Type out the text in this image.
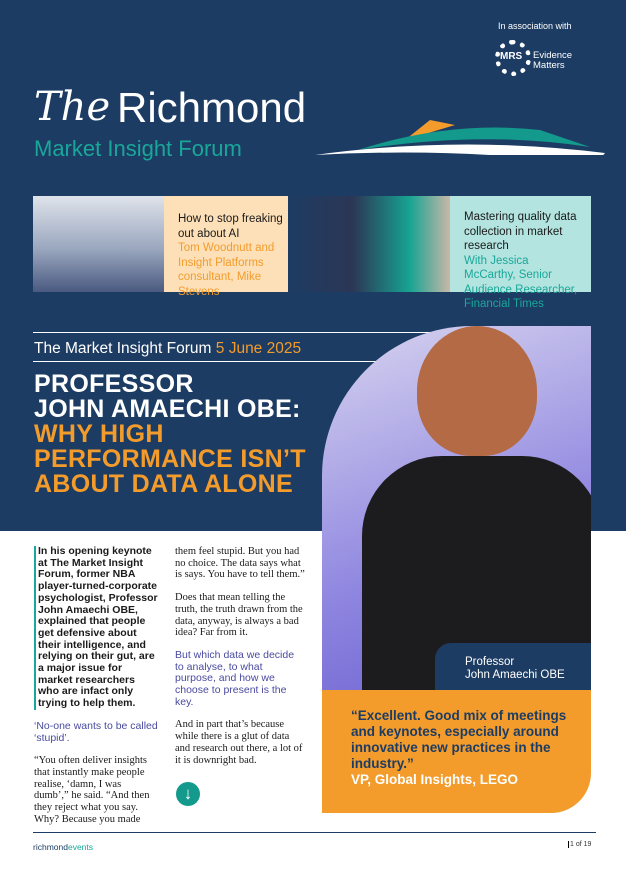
In association with
MRS Evidence
Matters
The Richmond
Market Insight Forum
How to stop freaking out about AI
Tom Woodnutt and Insight Platforms consultant, Mike Stevens
Mastering quality data collection in market research
With Jessica McCarthy, Senior Audience Researcher, Financial Times
The Market Insight Forum 5 June 2025
PROFESSOR
JOHN AMAECHI OBE:
WHY HIGH
PERFORMANCE ISN’T
ABOUT DATA ALONE
Professor
John Amaechi OBE
“Excellent. Good mix of meetings and keynotes, especially around innovative new practices in the industry.”
VP, Global Insights, LEGO

In his opening keynote at The Market Insight Forum, former NBA player-turned-corporate psychologist, Professor John Amaechi OBE, explained that people get defensive about their intelligence, and relying on their gut, are a major issue for market researchers who are infact only trying to help them.

‘No-one wants to be called ‘stupid’.

“You often deliver insights that instantly make people realise, ‘damn, I was dumb’,” he said. “And then they reject what you say. Why? Because you made

them feel stupid. But you had no choice. The data says what is says. You have to tell them.”

Does that mean telling the truth, the truth drawn from the data, anyway, is always a bad idea? Far from it.

But which data we decide to analyse, to what purpose, and how we choose to present is the key.

And in part that’s because while there is a glut of data and research out there, a lot of it is downright bad.

↓
richmondevents	1 of 19
